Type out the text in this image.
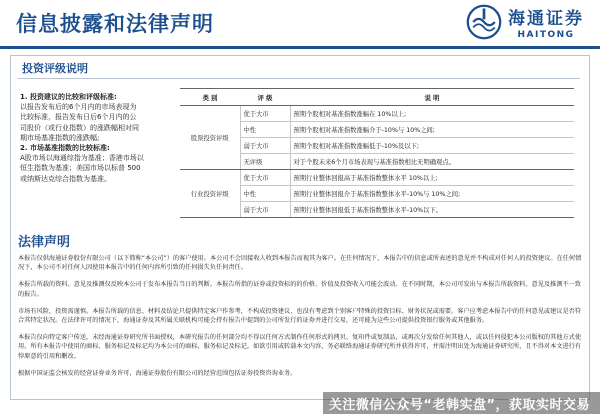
信息披露和法律声明	海通证券
HAITONG
投资评级说明
1. 投资建议的比较和评级标准:
以报告发布后的6个月内的市场表现为
比较标准，报告发布日后6个月内的公
司股价（或行业指数）的涨跌幅相对同
期市场基准指数的涨跌幅;
2. 市场基准指数的比较标准:
A股市场以海通综指为基准；香港市场以
恒生指数为基准；美国市场以标普 500
或纳斯达克综合指数为基准。
类 别	评 级	说 明
股票投资评级	优于大市	预期个股相对基准指数涨幅在 10%以上;
	中性	预期个股相对基准指数涨幅介于-10%与 10%之间;
	弱于大市	预期个股相对基准指数涨幅低于-10%及以下;
	无评级	对于个股未来6个月市场表现与基准指数相比无明确观点。
行业投资评级	优于大市	预期行业整体回报高于基准指数整体水平 10%以上;
	中性	预期行业整体回报介于基准指数整体水平-10%与 10%之间;
	弱于大市	预期行业整体回报低于基准指数整体水平-10%以下。
法律声明

本报告仅供海通证券股份有限公司（以下简称“本公司”）的客户使用。本公司不会因接收人收到本报告而视其为客户。在任何情况下，本报告中的信息或所表述的意见并不构成对任何人的投资建议。在任何情况下，本公司不对任何人因使用本报告中的任何内容所引致的任何损失负任何责任。

本报告所载的资料、意见及推测仅反映本公司于发布本报告当日的判断。本报告所指的证券或投资标的的价格、价值及投资收入可能会波动。在不同时期，本公司可发出与本报告所载资料、意见及推测不一致的报告。

市场有风险，投资需谨慎。本报告所载的信息、材料及结论只提供特定客户作参考，不构成投资建议，也没有考虑到个别客户特殊的投资目标、财务状况或需要。客户应考虑本报告中的任何意见或建议是否符合其特定状况。在法律许可的情况下，海通证券及其所属关联机构可能会持有报告中提到的公司所发行的证券并进行交易，还可能为这些公司提供投资银行服务或其他服务。

本报告仅向特定客户传送，未经海通证券研究所书面授权，本研究报告的任何部分均不得以任何方式制作任何形式的拷贝、复印件或复制品，或再次分发给任何其他人，或以任何侵犯本公司版权的其他方式使用。所有本报告中使用的商标、服务标记及标记均为本公司的商标、服务标记及标记。如欲引用或转载本文内容，务必联络海通证券研究所并获得许可，并需注明出处为海通证券研究所，且不得对本文进行有悖原意的引用和删改。

根据中国证监会核发的经营证券业务许可，海通证券股份有限公司的经营范围包括证券投资咨询业务。

关注微信公众号“老韩实盘”，获取实时交易
